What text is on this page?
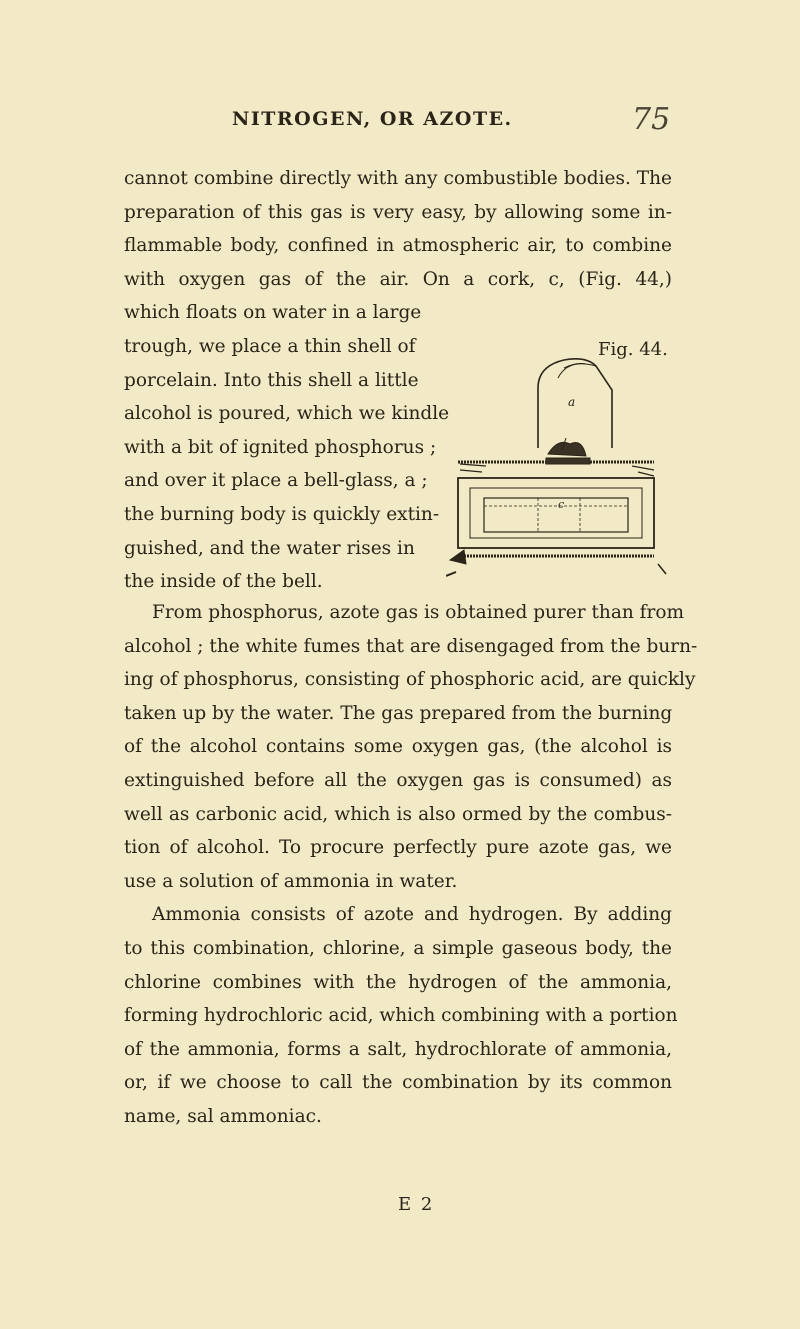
NITROGEN, OR AZOTE.	75
cannot combine directly with any combustible bodies. The
preparation of this gas is very easy, by allowing some in-
flammable body, confined in atmospheric air, to combine
with oxygen gas of the air. On a cork, c, (Fig. 44,)
which floats on water in a large
trough, we place a thin shell of
porcelain. Into this shell a little
alcohol is poured, which we kindle
with a bit of ignited phosphorus ;
and over it place a bell-glass, a ;
the burning body is quickly extin-
guished, and the water rises in
the inside of the bell.
Fig. 44.
a
c
From phosphorus, azote gas is obtained purer than from
alcohol ; the white fumes that are disengaged from the burn-
ing of phosphorus, consisting of phosphoric acid, are quickly
taken up by the water. The gas prepared from the burning
of the alcohol contains some oxygen gas, (the alcohol is
extinguished before all the oxygen gas is consumed) as
well as carbonic acid, which is also ormed by the combus-
tion of alcohol. To procure perfectly pure azote gas, we
use a solution of ammonia in water.
Ammonia consists of azote and hydrogen. By adding
to this combination, chlorine, a simple gaseous body, the
chlorine combines with the hydrogen of the ammonia,
forming hydrochloric acid, which combining with a portion
of the ammonia, forms a salt, hydrochlorate of ammonia,
or, if we choose to call the combination by its common
name, sal ammoniac.
E 2
